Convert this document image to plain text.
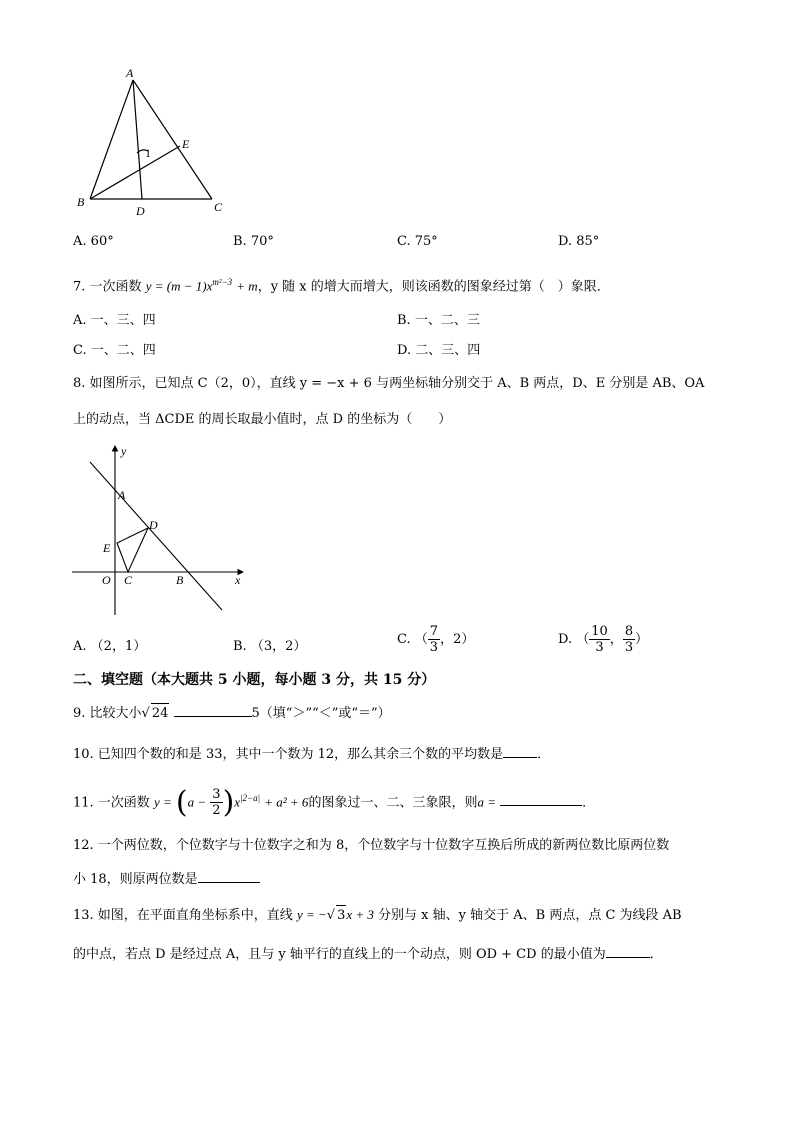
A
B	C
D
E
1
A. 60°	B. 70°	C. 75°	D. 85°
7. 一次函数 $y = (m - 1)x^{m^2-3} + m$，y 随 x 的增大而增大，则该函数的图象经过第（　）象限．
A. 一、三、四	B. 一、二、三
C. 一、二、四	D. 二、三、四
8. 如图所示，已知点 C（2，0），直线 y = −x + 6 与两坐标轴分别交于 A、B 两点，D、E 分别是 AB、OA
上的动点，当 ΔCDE 的周长取最小值时，点 D 的坐标为（　　）
y
x
A
D
E
O C	B
A. （2，1）	B. （3，2）	C. （ $\frac{7}{3}$ ，2）	D. （ $\frac{10}{3}$ ， $\frac{8}{3}$ ）
二、填空题（本大题共 5 小题，每小题 3 分，共 15 分）
9. 比较大小√ 24	5（填“＞”“＜”或“＝”）
10. 已知四个数的和是 33，其中一个数为 12，那么其余三个数的平均数是	．
11. 一次函数 $y = (a - \frac{3}{2} )x^{|2-a|} + a^2 + 6$的图象过一、二、三象限，则a =	．
12. 一个两位数，个位数字与十位数字之和为 8，个位数字与十位数字互换后所成的新两位数比原两位数
小 18，则原两位数是
13. 如图，在平面直角坐标系中，直线 y = −√ 3x + 3 分别与 x 轴、y 轴交于 A、B 两点，点 C 为线段 AB
的中点，若点 D 是经过点 A，且与 y 轴平行的直线上的一个动点，则 OD + CD 的最小值为	．
